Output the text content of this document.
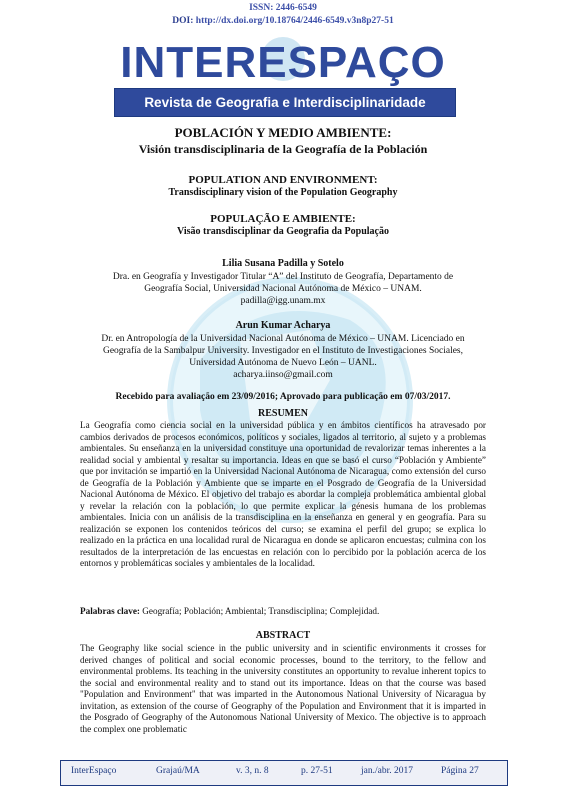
ISSN: 2446-6549
DOI: http://dx.doi.org/10.18764/2446-6549.v3n8p27-51
INTERESPAÇO
Revista de Geografia e Interdisciplinaridade
POBLACIÓN Y MEDIO AMBIENTE:
Visión transdisciplinaria de la Geografía de la Población
POPULATION AND ENVIRONMENT:
Transdisciplinary vision of the Population Geography
POPULAÇÃO E AMBIENTE:
Visão transdisciplinar da Geografia da População
Lilia Susana Padilla y Sotelo
Dra. en Geografía y Investigador Titular “A” del Instituto de Geografía, Departamento de
Geografía Social, Universidad Nacional Autónoma de México – UNAM.
padilla@igg.unam.mx
Arun Kumar Acharya
Dr. en Antropología de la Universidad Nacional Autónoma de México – UNAM. Licenciado en
Geografía de la Sambalpur University. Investigador en el Instituto de Investigaciones Sociales,
Universidad Autónoma de Nuevo León – UANL.
acharya.iinso@gmail.com
Recebido para avaliação em 23/09/2016; Aprovado para publicação em 07/03/2017.
RESUMEN
La Geografía como ciencia social en la universidad pública y en ámbitos científicos ha atravesado por cambios derivados de procesos económicos, políticos y sociales, ligados al territorio, al sujeto y a problemas ambientales. Su enseñanza en la universidad constituye una oportunidad de revalorizar temas inherentes a la realidad social y ambiental y resaltar su importancia. Ideas en que se basó el curso “Población y Ambiente” que por invitación se impartió en la Universidad Nacional Autónoma de Nicaragua, como extensión del curso de Geografía de la Población y Ambiente que se imparte en el Posgrado de Geografía de la Universidad Nacional Autónoma de México. El objetivo del trabajo es abordar la compleja problemática ambiental global y revelar la relación con la población, lo que permite explicar la génesis humana de los problemas ambientales. Inicia con un análisis de la transdisciplina en la enseñanza en general y en geografía. Para su realización se exponen los contenidos teóricos del curso; se examina el perfil del grupo; se explica lo realizado en la práctica en una localidad rural de Nicaragua en donde se aplicaron encuestas; culmina con los resultados de la interpretación de las encuestas en relación con lo percibido por la población acerca de los entornos y problemáticas sociales y ambientales de la localidad.
Palabras clave: Geografía; Población; Ambiental; Transdisciplina; Complejidad.
ABSTRACT
The Geography like social science in the public university and in scientific environments it crosses for derived changes of political and social economic processes, bound to the territory, to the fellow and environmental problems. Its teaching in the university constitutes an opportunity to revalue inherent topics to the social and environmental reality and to stand out its importance. Ideas on that the course was based "Population and Environment" that was imparted in the Autonomous National University of Nicaragua by invitation, as extension of the course of Geography of the Population and Environment that it is imparted in the Posgrado of Geography of the Autonomous National University of Mexico. The objective is to approach the complex one problematic
InterEspaço	Grajaú/MA	v. 3, n. 8	p. 27-51	jan./abr. 2017	Página 27
